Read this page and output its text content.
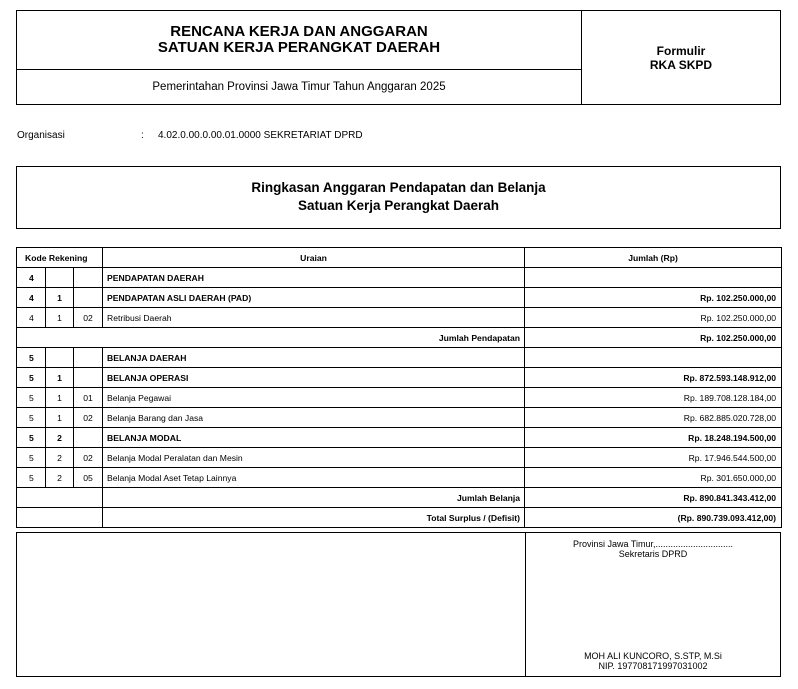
RENCANA KERJA DAN ANGGARAN
SATUAN KERJA PERANGKAT DAERAH
Pemerintahan Provinsi Jawa Timur Tahun Anggaran 2025
Formulir
RKA SKPD
Organisasi	: 4.02.0.00.0.00.01.0000 SEKRETARIAT DPRD
Ringkasan Anggaran Pendapatan dan Belanja
Satuan Kerja Perangkat Daerah
Kode Rekening			Uraian	Jumlah (Rp)
4			PENDAPATAN DAERAH	
4	1		PENDAPATAN ASLI DAERAH (PAD)	Rp. 102.250.000,00
4	1	02	Retribusi Daerah	Rp. 102.250.000,00
Jumlah Pendapatan				Rp. 102.250.000,00
5			BELANJA DAERAH	
5	1		BELANJA OPERASI	Rp. 872.593.148.912,00
5	1	01	Belanja Pegawai	Rp. 189.708.128.184,00
5	1	02	Belanja Barang dan Jasa	Rp. 682.885.020.728,00
5	2		BELANJA MODAL	Rp. 18.248.194.500,00
5	2	02	Belanja Modal Peralatan dan Mesin	Rp. 17.946.544.500,00
5	2	05	Belanja Modal Aset Tetap Lainnya	Rp. 301.650.000,00
			Jumlah Belanja	Rp. 890.841.343.412,00
			Total Surplus / (Defisit)	(Rp. 890.739.093.412,00)
Provinsi Jawa Timur,...............................
Sekretaris DPRD
MOH ALI KUNCORO, S.STP, M.Si
NIP. 197708171997031002
